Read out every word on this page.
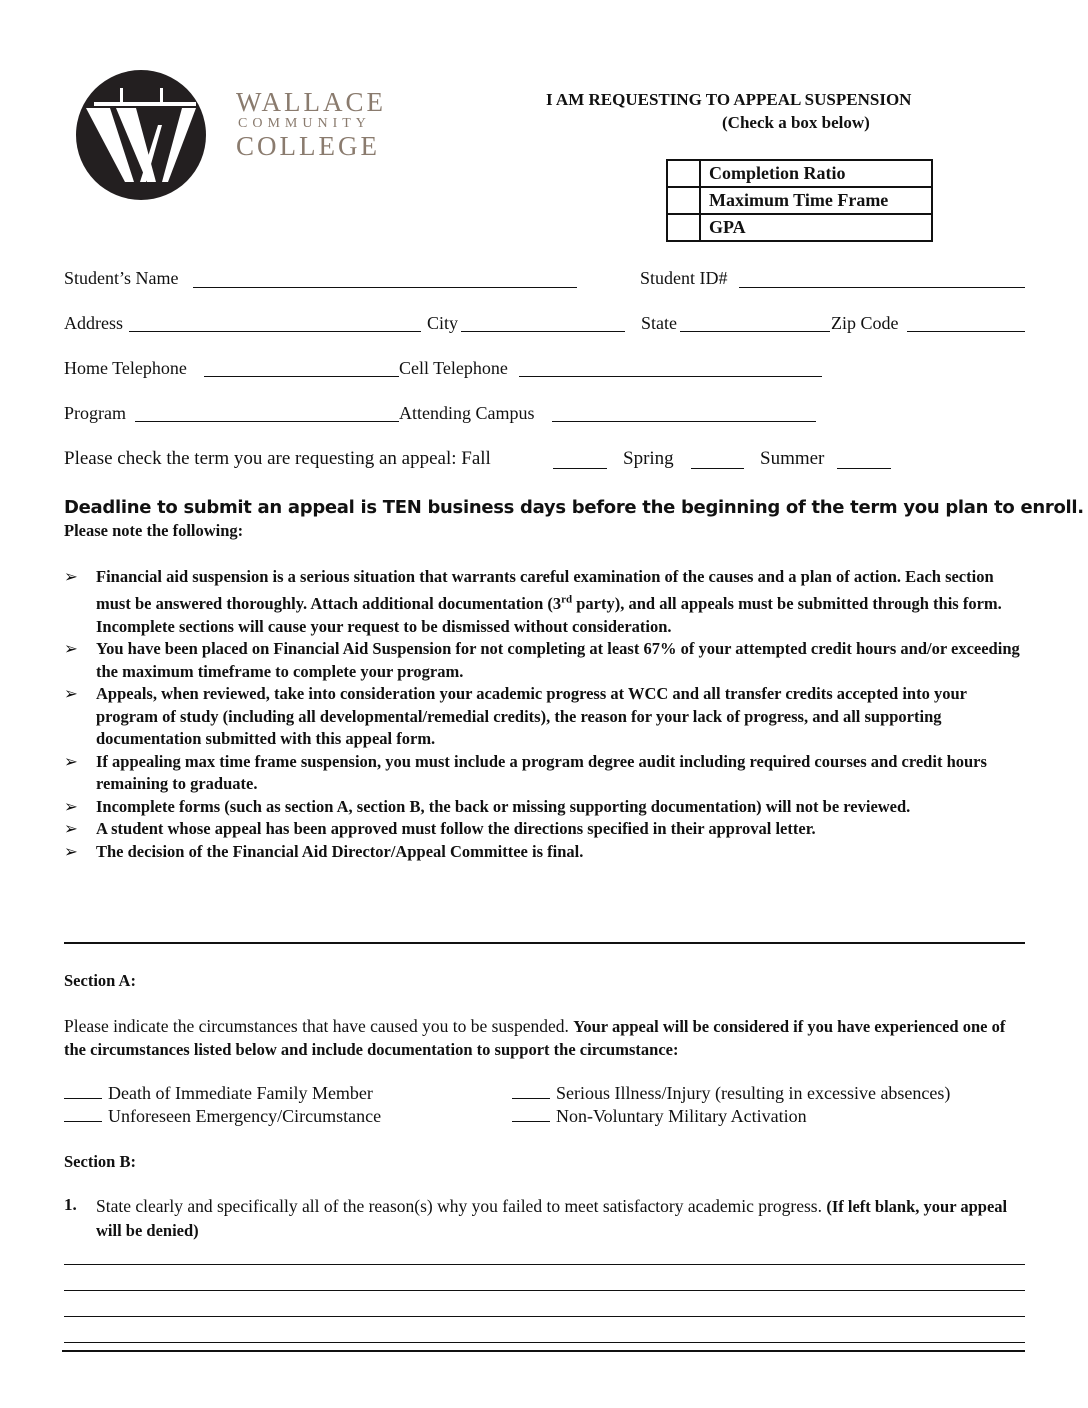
WALLACE
COMMUNITY
COLLEGE
I AM REQUESTING TO APPEAL SUSPENSION
(Check a box below)
	Completion Ratio
	Maximum Time Frame
	GPA
Student’s Name	Student ID#
Address	City	State	Zip Code
Home Telephone	Cell Telephone
Program	Attending Campus
Please check the term you are requesting an appeal: Fall	Spring	Summer
Deadline to submit an appeal is TEN business days before the beginning of the term you plan to enroll.
Please note the following:
➢ Financial aid suspension is a serious situation that warrants careful examination of the causes and a plan of action. Each section must be answered thoroughly. Attach additional documentation (3rd party), and all appeals must be submitted through this form. Incomplete sections will cause your request to be dismissed without consideration.
➢ You have been placed on Financial Aid Suspension for not completing at least 67% of your attempted credit hours and/or exceeding the maximum timeframe to complete your program.
➢ Appeals, when reviewed, take into consideration your academic progress at WCC and all transfer credits accepted into your program of study (including all developmental/remedial credits), the reason for your lack of progress, and all supporting documentation submitted with this appeal form.
➢ If appealing max time frame suspension, you must include a program degree audit including required courses and credit hours remaining to graduate.
➢ Incomplete forms (such as section A, section B, the back or missing supporting documentation) will not be reviewed.
➢ A student whose appeal has been approved must follow the directions specified in their approval letter.
➢ The decision of the Financial Aid Director/Appeal Committee is final.
Section A:
Please indicate the circumstances that have caused you to be suspended. Your appeal will be considered if you have experienced one of the circumstances listed below and include documentation to support the circumstance:
Death of Immediate Family Member	Serious Illness/Injury (resulting in excessive absences)
Unforeseen Emergency/Circumstance	Non-Voluntary Military Activation
Section B:
1. State clearly and specifically all of the reason(s) why you failed to meet satisfactory academic progress. (If left blank, your appeal will be denied)
